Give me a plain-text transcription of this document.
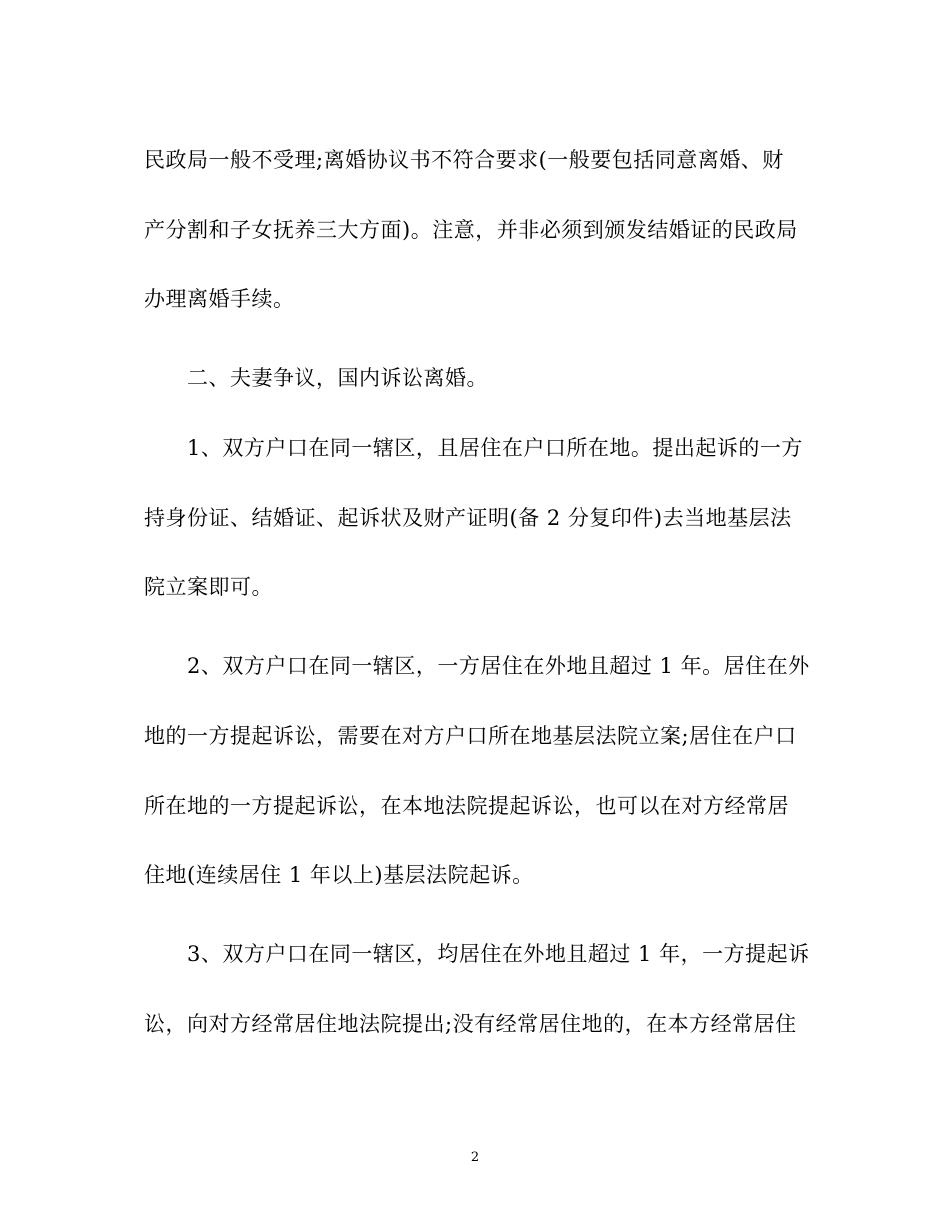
民政局一般不受理;离婚协议书不符合要求(一般要包括同意离婚、财
产分割和子女抚养三大方面)。注意，并非必须到颁发结婚证的民政局
办理离婚手续。
二、夫妻争议，国内诉讼离婚。
1、双方户口在同一辖区，且居住在户口所在地。提出起诉的一方
持身份证、结婚证、起诉状及财产证明(备 2 分复印件)去当地基层法
院立案即可。
2、双方户口在同一辖区，一方居住在外地且超过 1 年。居住在外
地的一方提起诉讼，需要在对方户口所在地基层法院立案;居住在户口
所在地的一方提起诉讼，在本地法院提起诉讼，也可以在对方经常居
住地(连续居住 1 年以上)基层法院起诉。
3、双方户口在同一辖区，均居住在外地且超过 1 年，一方提起诉
讼，向对方经常居住地法院提出;没有经常居住地的，在本方经常居住
2
